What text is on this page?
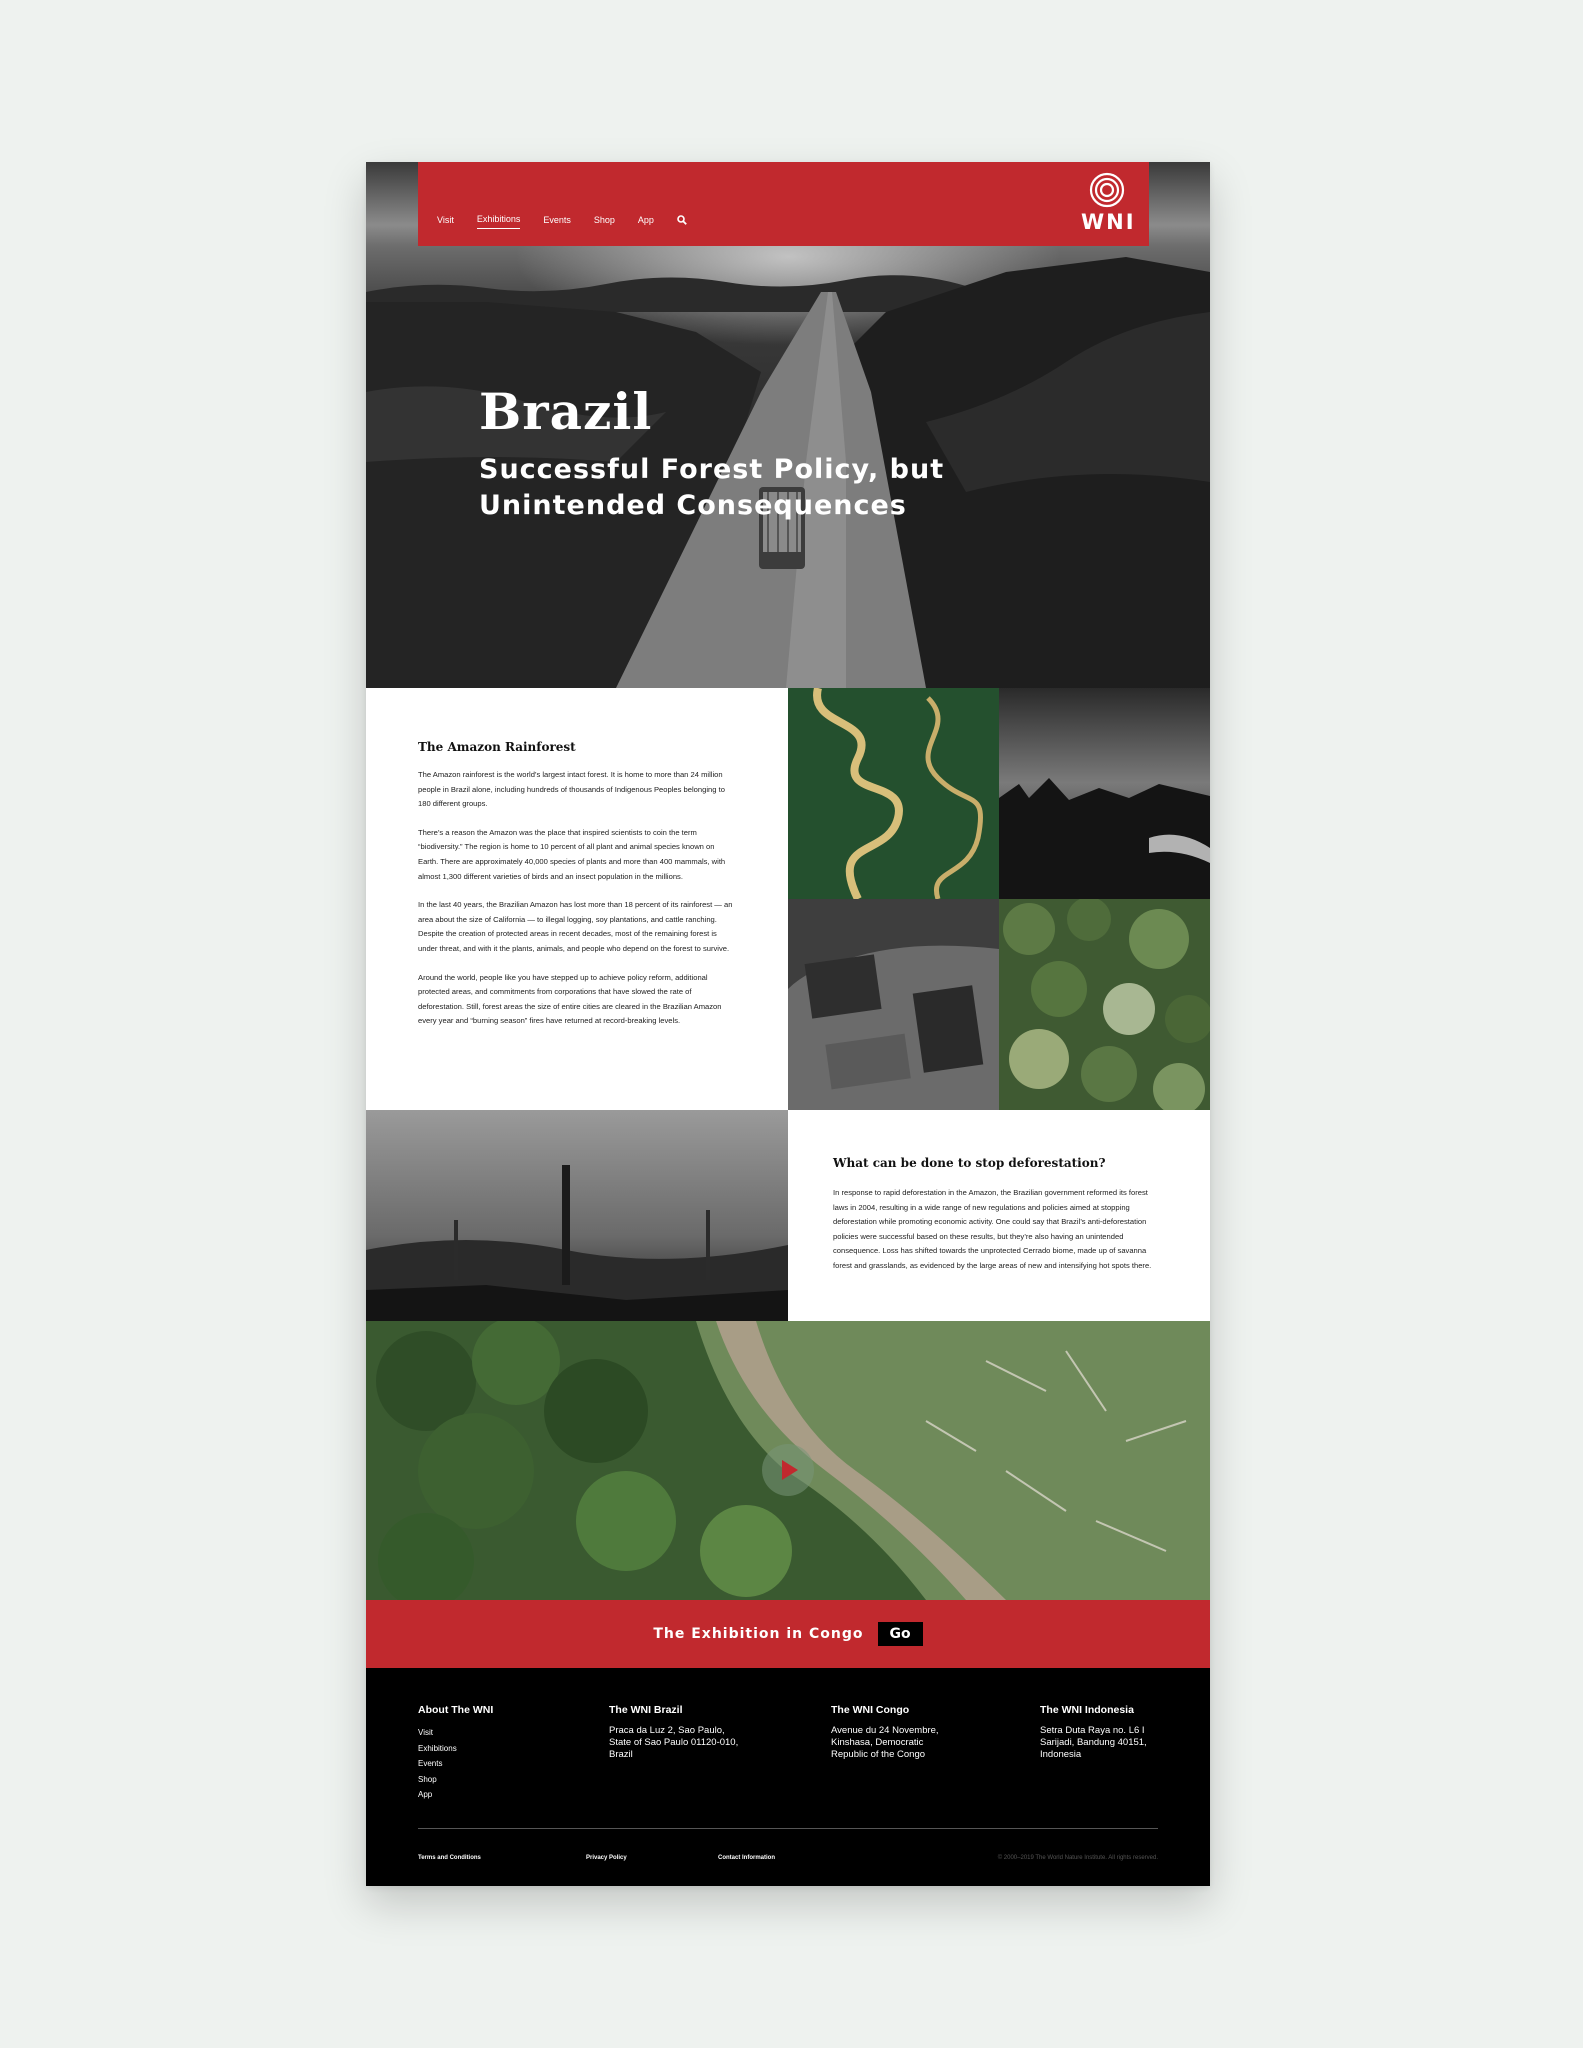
Visit	Exhibitions	Events	Shop	App	WNI
Brazil
Successful Forest Policy, but Unintended Consequences
The Amazon Rainforest

The Amazon rainforest is the world’s largest intact forest. It is home to more than 24 million people in Brazil alone, including hundreds of thousands of Indigenous Peoples belonging to 180 different groups.

There’s a reason the Amazon was the place that inspired scientists to coin the term “biodiversity.” The region is home to 10 percent of all plant and animal species known on Earth. There are approximately 40,000 species of plants and more than 400 mammals, with almost 1,300 different varieties of birds and an insect population in the millions.

In the last 40 years, the Brazilian Amazon has lost more than 18 percent of its rainforest — an area about the size of California — to illegal logging, soy plantations, and cattle ranching. Despite the creation of protected areas in recent decades, most of the remaining forest is under threat, and with it the plants, animals, and people who depend on the forest to survive.

Around the world, people like you have stepped up to achieve policy reform, additional protected areas, and commitments from corporations that have slowed the rate of deforestation. Still, forest areas the size of entire cities are cleared in the Brazilian Amazon every year and “burning season” fires have returned at record-breaking levels.

What can be done to stop deforestation?

In response to rapid deforestation in the Amazon, the Brazilian government reformed its forest laws in 2004, resulting in a wide range of new regulations and policies aimed at stopping deforestation while promoting economic activity. One could say that Brazil’s anti-deforestation policies were successful based on these results, but they’re also having an unintended consequence. Loss has shifted towards the unprotected Cerrado biome, made up of savanna forest and grasslands, as evidenced by the large areas of new and intensifying hot spots there.

The Exhibition in Congo	Go
About The WNI
Visit
Exhibitions
Events
Shop
App
The WNI Brazil

Praca da Luz 2, Sao Paulo, State of Sao Paulo 01120-010, Brazil

The WNI Congo

Avenue du 24 Novembre, Kinshasa, Democratic Republic of the Congo

The WNI Indonesia

Setra Duta Raya no. L6 I Sarijadi, Bandung 40151, Indonesia

Terms and Conditions	Privacy Policy	Contact Information	© 2000–2019 The World Nature Institute. All rights reserved.
